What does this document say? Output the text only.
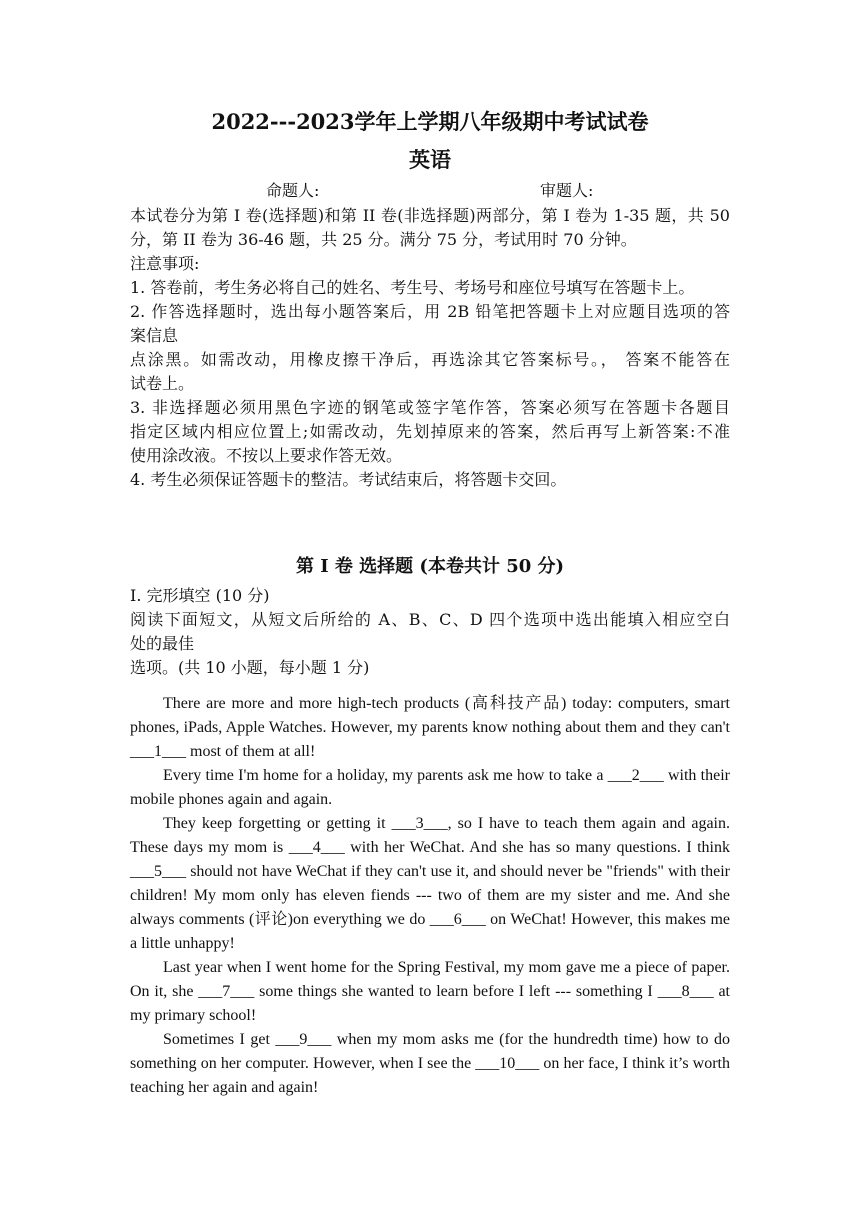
2022---2023学年上学期八年级期中考试试卷
英语
命题人:	审题人:

本试卷分为第 I 卷(选择题)和第 II 卷(非选择题)两部分，第 I 卷为 1-35 题，共 50

分，第 II 卷为 36-46 题，共 25 分。满分 75 分，考试用时 70 分钟。

注意事项:

1. 答卷前，考生务必将自己的姓名、考生号、考场号和座位号填写在答题卡上。

2. 作答选择题时，选出每小题答案后，用 2B 铅笔把答题卡上对应题目选项的答

案信息

点涂黑。如需改动，用橡皮擦干净后，再选涂其它答案标号。， 答案不能答在

试卷上。

3. 非选择题必须用黑色字迹的钢笔或签字笔作答，答案必须写在答题卡各题目

指定区域内相应位置上;如需改动，先划掉原来的答案，然后再写上新答案:不准

使用涂改液。不按以上要求作答无效。

4. 考生必须保证答题卡的整洁。考试结束后，将答题卡交回。

第 I 卷 选择题 (本卷共计 50 分)

I. 完形填空 (10 分)

阅读下面短文，从短文后所给的 A、B、C、D 四个选项中选出能填入相应空白

处的最佳

选项。(共 10 小题，每小题 1 分)

There are more and more high-tech products (高科技产品) today: computers, smart phones, iPads, Apple Watches. However, my parents know nothing about them and they can't ___1___ most of them at all!

Every time I'm home for a holiday, my parents ask me how to take a ___2___ with their mobile phones again and again.

They keep forgetting or getting it ___3___, so I have to teach them again and again. These days my mom is ___4___ with her WeChat. And she has so many questions. I think ___5___ should not have WeChat if they can't use it, and should never be "friends" with their children! My mom only has eleven fiends --- two of them are my sister and me. And she always comments (评论)on everything we do ___6___ on WeChat! However, this makes me a little unhappy!

Last year when I went home for the Spring Festival, my mom gave me a piece of paper. On it, she ___7___ some things she wanted to learn before I left --- something I ___8___ at my primary school!

Sometimes I get ___9___ when my mom asks me (for the hundredth time) how to do something on her computer. However, when I see the ___10___ on her face, I think it’s worth teaching her again and again!
